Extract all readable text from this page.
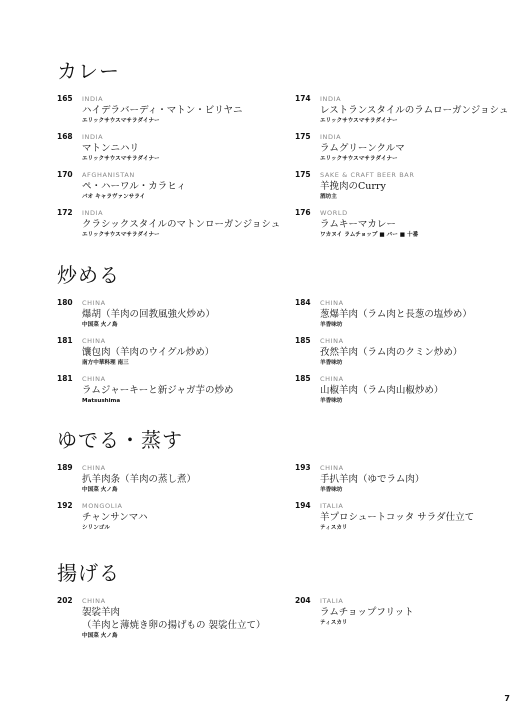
カレー
165 INDIA
ハイデラバーディ・マトン・ビリヤニ
エリックサウスマサラダイナー
168 INDIA
マトンニハリ
エリックサウスマサラダイナー
170 AFGHANISTAN
ペ・ハーワル・カラヒィ
パオ キャラヴァンサライ
172 INDIA
クラシックスタイルのマトンローガンジョシュ
エリックサウスマサラダイナー
174 INDIA
レストランスタイルのラムローガンジョシュ
エリックサウスマサラダイナー
175 INDIA
ラムグリーンクルマ
エリックサウスマサラダイナー
175 SAKE & CRAFT BEER BAR
羊挽肉のCurry
酒坊主
176 WORLD
ラムキーマカレー
ワカヌイ ラムチョップ ■ バー ■ 十番
炒める
180 CHINA
爆胡（羊肉の回教風強火炒め）
中国菜 火ノ鳥
181 CHINA
馕包肉（羊肉のウイグル炒め）
南方中華料理 南三
181 CHINA
ラムジャーキーと新ジャガ芋の炒め
Matsushima
184 CHINA
葱爆羊肉（ラム肉と長葱の塩炒め）
羊香味坊
185 CHINA
孜然羊肉（ラム肉のクミン炒め）
羊香味坊
185 CHINA
山椒羊肉（ラム肉山椒炒め）
羊香味坊
ゆでる・蒸す
189 CHINA
扒羊肉条（羊肉の蒸し煮）
中国菜 火ノ鳥
192 MONGOLIA
チャンサンマハ
シリンゴル
193 CHINA
手扒羊肉（ゆでラム肉）
羊香味坊
194 ITALIA
羊プロシュートコッタ サラダ仕立て
ティスカリ
揚げる
202 CHINA
袈裟羊肉
（羊肉と薄焼き卵の揚げもの 袈裟仕立て）
中国菜 火ノ鳥
204 ITALIA
ラムチョップフリット
ティスカリ
7
